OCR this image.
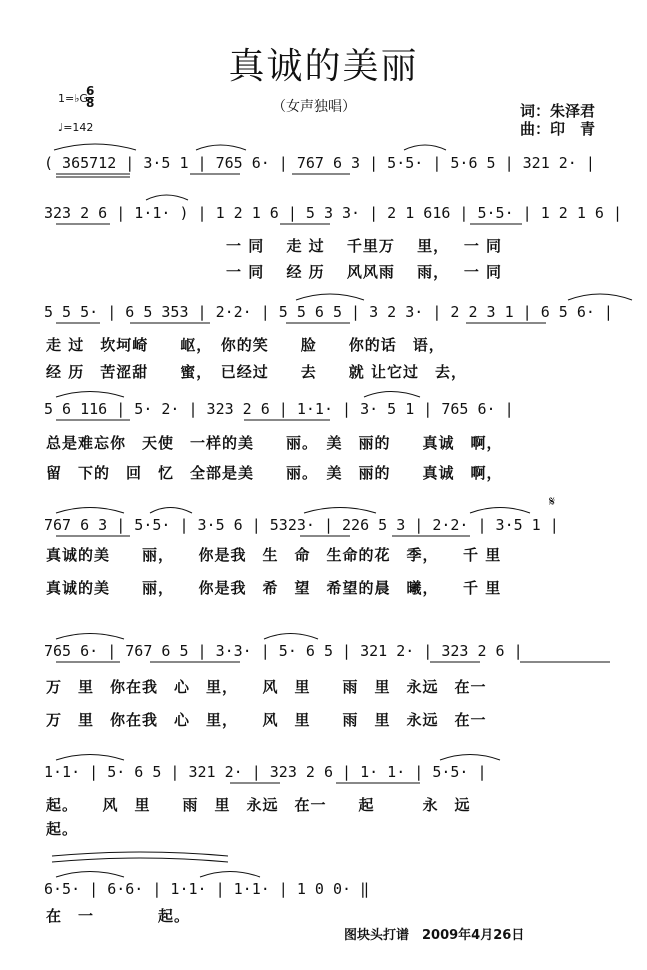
真诚的美丽
（女声独唱）	词：朱泽君
曲：印　青
1=♭G
6
8
♩=142
𝄋
( 365712 | 3·5 1 | 765 6· | 767 6 3 | 5·5· | 5·6 5 | 321 2· |
323 2 6 | 1·1· ) | 1 2 1 6 | 5 3 3· | 2 1 616 | 5·5· | 1 2 1 6 |
5 5 5· | 6 5 353 | 2·2· | 5 5 6 5 | 3 2 3· | 2 2 3 1 | 6 5 6· |
5 6 116 | 5· 2· | 323 2 6 | 1·1· | 3· 5 1 | 765 6· |
767 6 3 | 5·5· | 3·5 6 | 5323· | 226 5 3 | 2·2· | 3·5 1 |
765 6· | 767 6 5 | 3·3· | 5· 6 5 | 321 2· | 323 2 6 |
1·1· | 5· 6 5 | 321 2· | 323 2 6 | 1· 1· | 5·5· |
6·5· | 6·6· | 1·1· | 1·1· | 1 0 0· ‖
一 同　 走 过　 千里万　 里，　 一 同
一 同　 经 历　 风风雨　 雨，　 一 同
走 过　坎坷崎　　岖，　你的笑　　脸　　你的话　语，
经 历　苦涩甜　　蜜，　已经过　　去　　就 让它过　去，
总是难忘你　天使　一样的美　　丽。　美　丽的　　真诚　啊，
留　下的　回　忆　全部是美　　丽。　美　丽的　　真诚　啊，
真诚的美　　丽，　　你是我　生　命　生命的花　季，　　千 里
真诚的美　　丽，　　你是我　希　望　希望的晨　曦，　　千 里
万　里　你在我　心　里，　　风　里　　雨　里　永远　在一
万　里　你在我　心　里，　　风　里　　雨　里　永远　在一
起。　　风　里　　雨　里　永远　在一　　起　　　永　远
起。
在　一　　　　起。
图块头打谱　2009年4月26日
